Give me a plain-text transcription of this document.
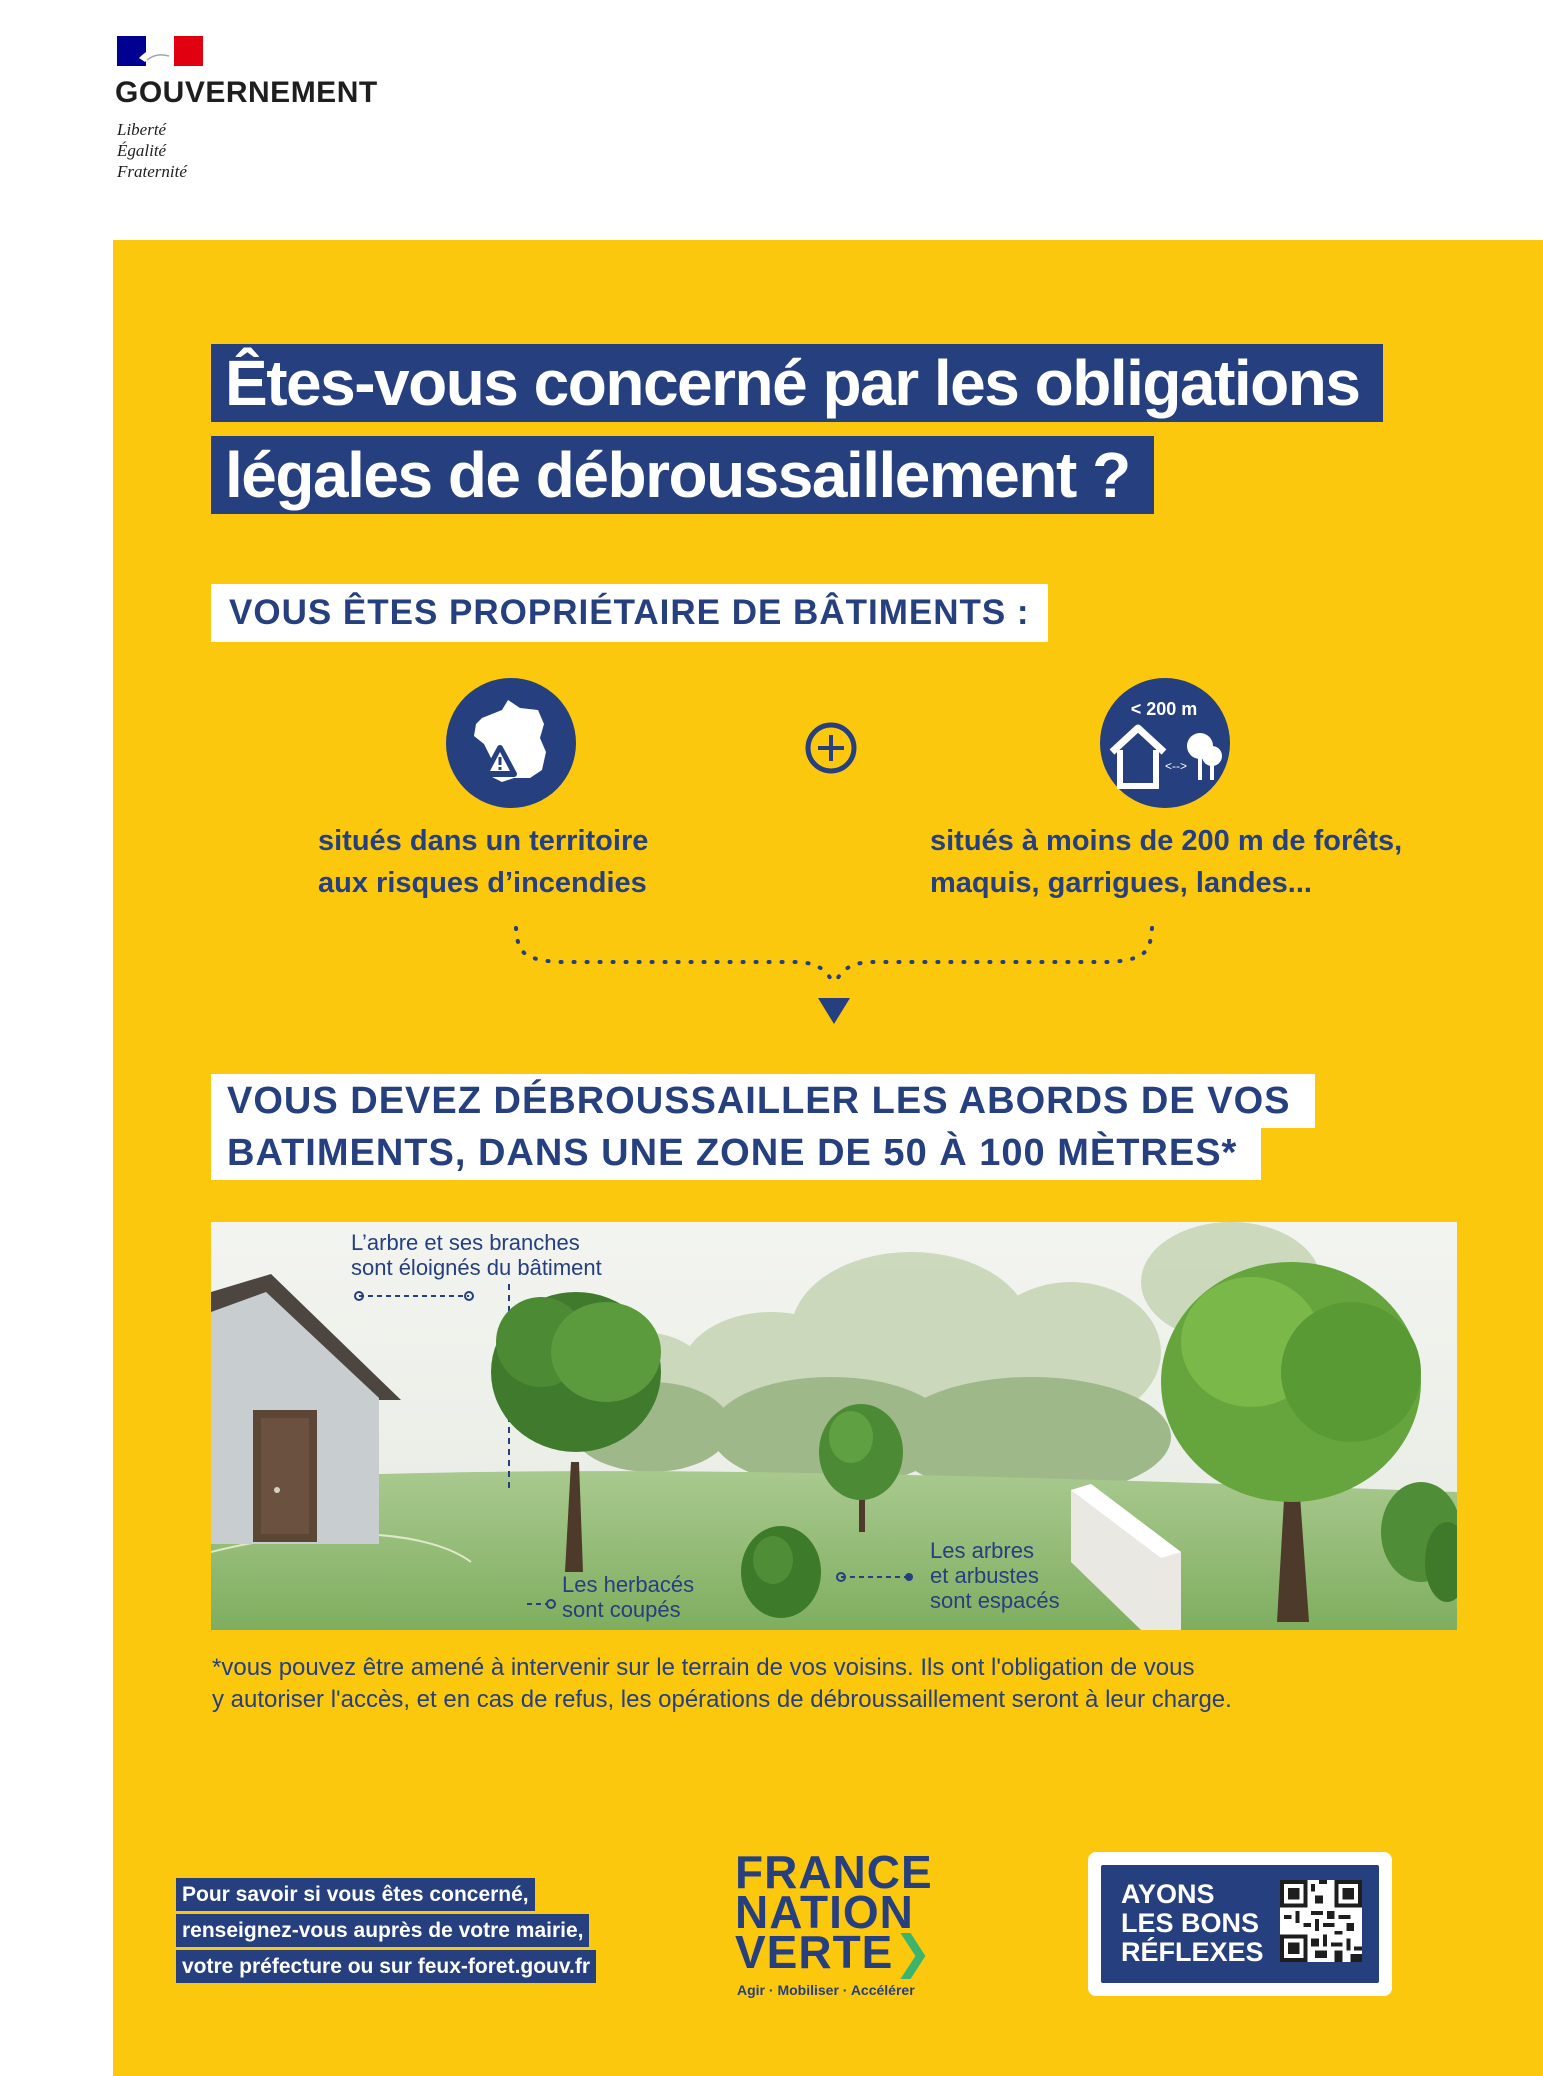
GOUVERNEMENT
Liberté
Égalité
Fraternité
Êtes-vous concerné par les obligations
légales de débroussaillement ?
VOUS ÊTES PROPRIÉTAIRE DE BÂTIMENTS :
< 200 m
<-->
situés dans un territoire
aux risques d’incendies
situés à moins de 200 m de forêts,
maquis, garrigues, landes...
VOUS DEVEZ DÉBROUSSAILLER LES ABORDS DE VOS
BATIMENTS, DANS UNE ZONE DE 50 À 100 MÈTRES*
L’arbre et ses branches
sont éloignés du bâtiment
Les herbacés
sont coupés
Les arbres
et arbustes
sont espacés
*vous pouvez être amené à intervenir sur le terrain de vos voisins. Ils ont l'obligation de vous
y autoriser l'accès, et en cas de refus, les opérations de débroussaillement seront à leur charge.
Pour savoir si vous êtes concerné,
renseignez-vous auprès de votre mairie,
votre préfecture ou sur feux-foret.gouv.fr
FRANCE
NATION
VERTE❯
Agir · Mobiliser · Accélérer
AYONS
LES BONS
RÉFLEXES
